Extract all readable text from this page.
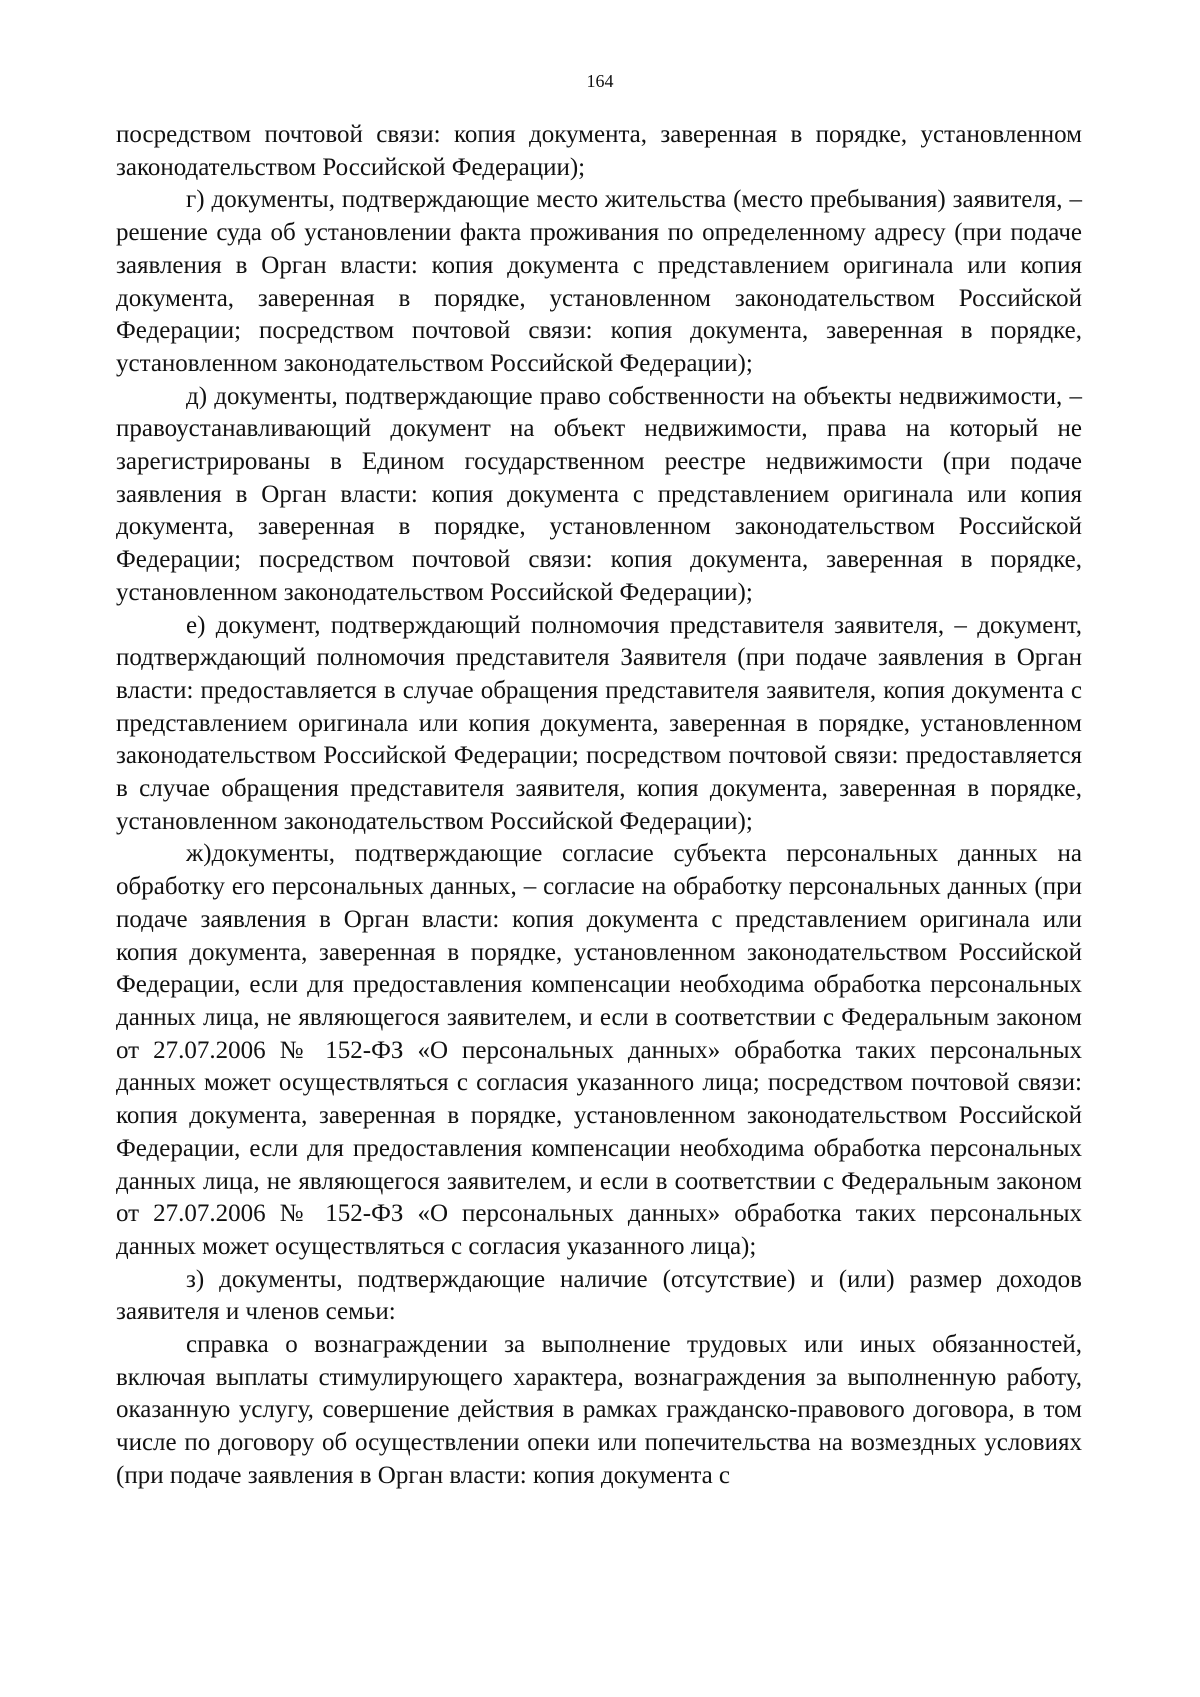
164

посредством почтовой связи: копия документа, заверенная в порядке, установленном законодательством Российской Федерации);

г) документы, подтверждающие место жительства (место пребывания) заявителя, – решение суда об установлении факта проживания по определенному адресу (при подаче заявления в Орган власти: копия документа с представлением оригинала или копия документа, заверенная в порядке, установленном законодательством Российской Федерации; посредством почтовой связи: копия документа, заверенная в порядке, установленном законодательством Российской Федерации);

д) документы, подтверждающие право собственности на объекты недвижимости, – правоустанавливающий документ на объект недвижимости, права на который не зарегистрированы в Едином государственном реестре недвижимости (при подаче заявления в Орган власти: копия документа с представлением оригинала или копия документа, заверенная в порядке, установленном законодательством Российской Федерации; посредством почтовой связи: копия документа, заверенная в порядке, установленном законодательством Российской Федерации);

е) документ, подтверждающий полномочия представителя заявителя, – документ, подтверждающий полномочия представителя Заявителя (при подаче заявления в Орган власти: предоставляется в случае обращения представителя заявителя, копия документа с представлением оригинала или копия документа, заверенная в порядке, установленном законодательством Российской Федерации; посредством почтовой связи: предоставляется в случае обращения представителя заявителя, копия документа, заверенная в порядке, установленном законодательством Российской Федерации);

ж)документы, подтверждающие согласие субъекта персональных данных на обработку его персональных данных, – согласие на обработку персональных данных (при подаче заявления в Орган власти: копия документа с представлением оригинала или копия документа, заверенная в порядке, установленном законодательством Российской Федерации, если для предоставления компенсации необходима обработка персональных данных лица, не являющегося заявителем, и если в соответствии с Федеральным законом от 27.07.2006 № 152-ФЗ «О персональных данных» обработка таких персональных данных может осуществляться с согласия указанного лица; посредством почтовой связи: копия документа, заверенная в порядке, установленном законодательством Российской Федерации, если для предоставления компенсации необходима обработка персональных данных лица, не являющегося заявителем, и если в соответствии с Федеральным законом от 27.07.2006 № 152-ФЗ «О персональных данных» обработка таких персональных данных может осуществляться с согласия указанного лица);

з) документы, подтверждающие наличие (отсутствие) и (или) размер доходов заявителя и членов семьи:

справка о вознаграждении за выполнение трудовых или иных обязанностей, включая выплаты стимулирующего характера, вознаграждения за выполненную работу, оказанную услугу, совершение действия в рамках гражданско-правового договора, в том числе по договору об осуществлении опеки или попечительства на возмездных условиях (при подаче заявления в Орган власти: копия документа с
